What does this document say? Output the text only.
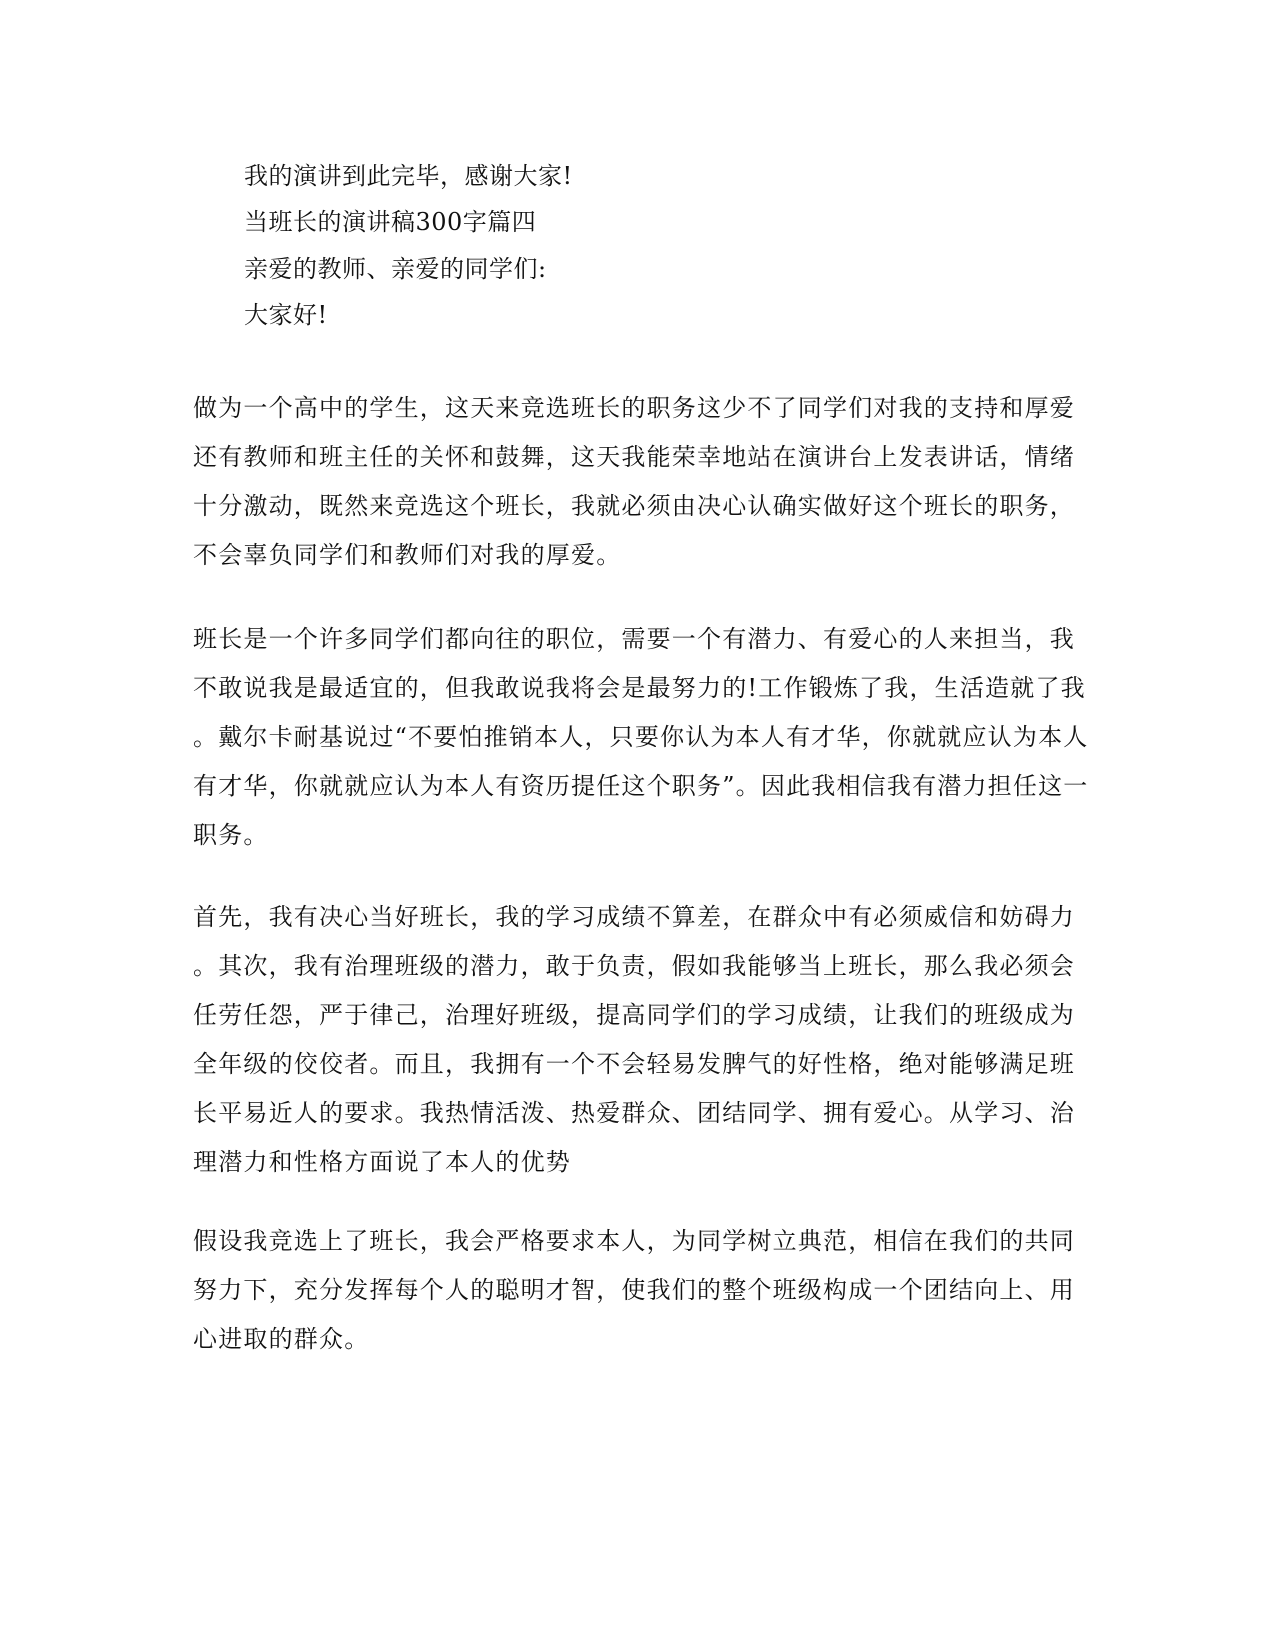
我的演讲到此完毕，感谢大家!
当班长的演讲稿300字篇四
亲爱的教师、亲爱的同学们:
大家好!
做为一个高中的学生，这天来竞选班长的职务这少不了同学们对我的支持和厚爱
还有教师和班主任的关怀和鼓舞，这天我能荣幸地站在演讲台上发表讲话，情绪
十分激动，既然来竞选这个班长，我就必须由决心认确实做好这个班长的职务，
不会辜负同学们和教师们对我的厚爱。
班长是一个许多同学们都向往的职位，需要一个有潜力、有爱心的人来担当，我
不敢说我是最适宜的，但我敢说我将会是最努力的!工作锻炼了我，生活造就了我
。戴尔卡耐基说过“不要怕推销本人，只要你认为本人有才华，你就就应认为本人
有才华，你就就应认为本人有资历提任这个职务”。因此我相信我有潜力担任这一
职务。
首先，我有决心当好班长，我的学习成绩不算差，在群众中有必须威信和妨碍力
。其次，我有治理班级的潜力，敢于负责，假如我能够当上班长，那么我必须会
任劳任怨，严于律己，治理好班级，提高同学们的学习成绩，让我们的班级成为
全年级的佼佼者。而且，我拥有一个不会轻易发脾气的好性格，绝对能够满足班
长平易近人的要求。我热情活泼、热爱群众、团结同学、拥有爱心。从学习、治
理潜力和性格方面说了本人的优势
假设我竞选上了班长，我会严格要求本人，为同学树立典范，相信在我们的共同
努力下，充分发挥每个人的聪明才智，使我们的整个班级构成一个团结向上、用
心进取的群众。
